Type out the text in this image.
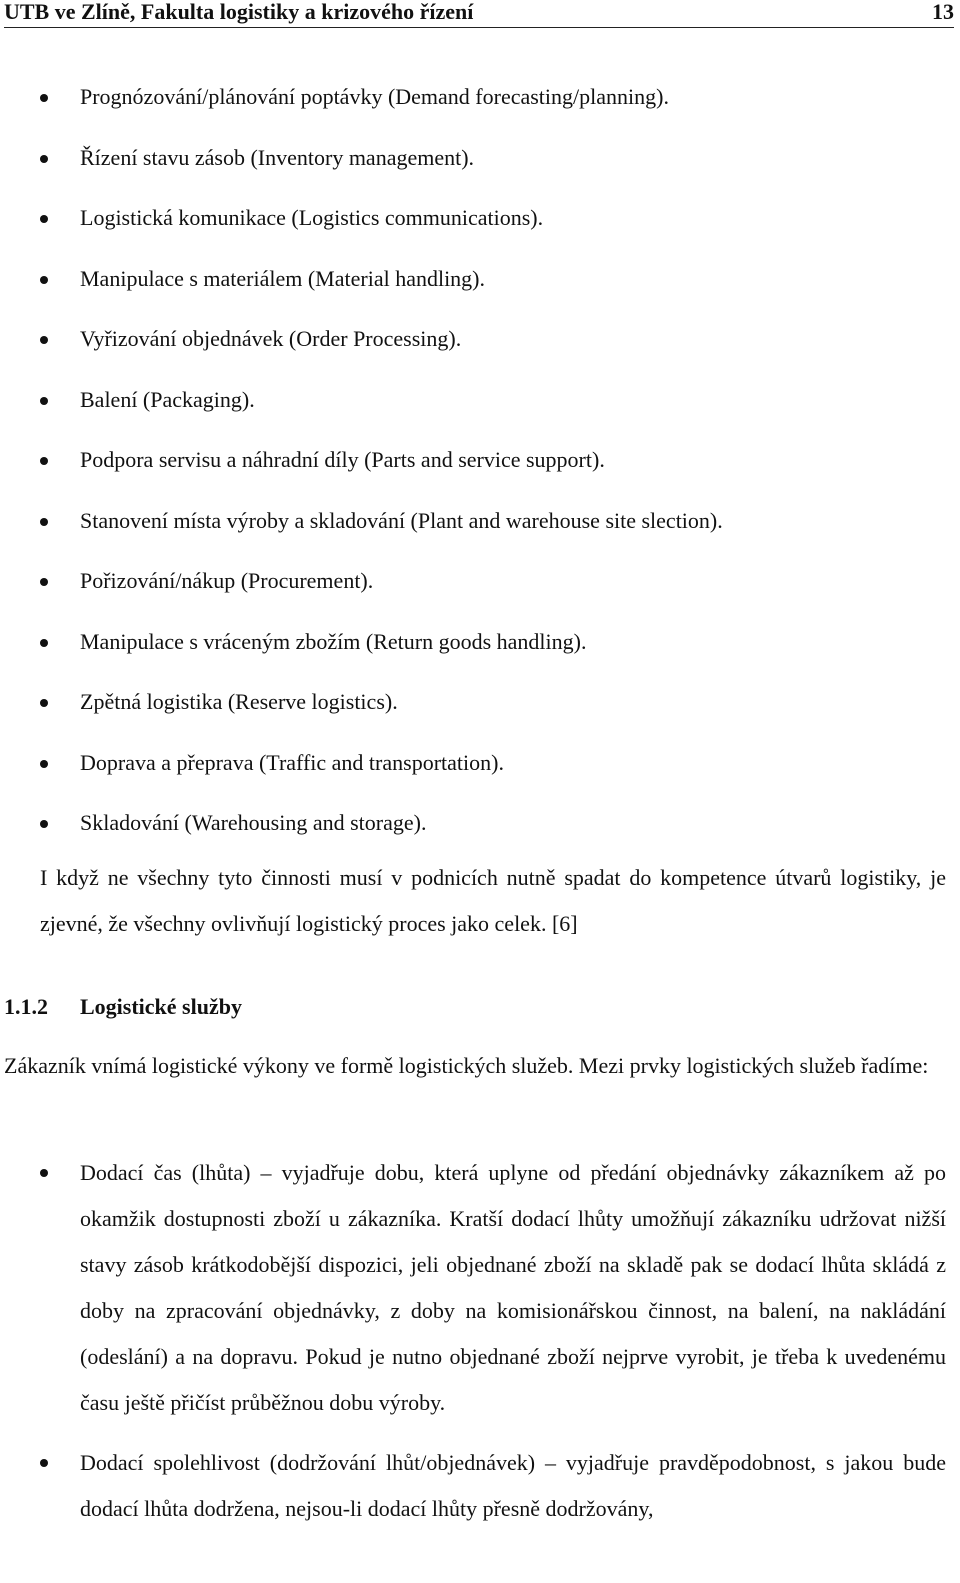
UTB ve Zlíně, Fakulta logistiky a krizového řízení	13
Prognózování/plánování poptávky (Demand forecasting/planning).
Řízení stavu zásob (Inventory management).
Logistická komunikace (Logistics communications).
Manipulace s materiálem (Material handling).
Vyřizování objednávek (Order Processing).
Balení (Packaging).
Podpora servisu a náhradní díly (Parts and service support).
Stanovení místa výroby a skladování (Plant and warehouse site slection).
Pořizování/nákup (Procurement).
Manipulace s vráceným zbožím (Return goods handling).
Zpětná logistika (Reserve logistics).
Doprava a přeprava (Traffic and transportation).
Skladování (Warehousing and storage).

I když ne všechny tyto činnosti musí v podnicích nutně spadat do kompetence útvarů logistiky, je zjevné, že všechny ovlivňují logistický proces jako celek. [6]

1.1.2	Logistické služby

Zákazník vnímá logistické výkony ve formě logistických služeb. Mezi prvky logistických služeb řadíme:

Dodací čas (lhůta) – vyjadřuje dobu, která uplyne od předání objednávky zákazníkem až po okamžik dostupnosti zboží u zákazníka. Kratší dodací lhůty umožňují zákazníku udržovat nižší stavy zásob krátkodobější dispozici, jeli objednané zboží na skladě pak se dodací lhůta skládá z doby na zpracování objednávky, z doby na komisionářskou činnost, na balení, na nakládání (odeslání) a na dopravu. Pokud je nutno objednané zboží nejprve vyrobit, je třeba k uvedenému času ještě přičíst průběžnou dobu výroby.
Dodací spolehlivost (dodržování lhůt/objednávek) – vyjadřuje pravděpodobnost, s jakou bude dodací lhůta dodržena, nejsou-li dodací lhůty přesně dodržovány,
